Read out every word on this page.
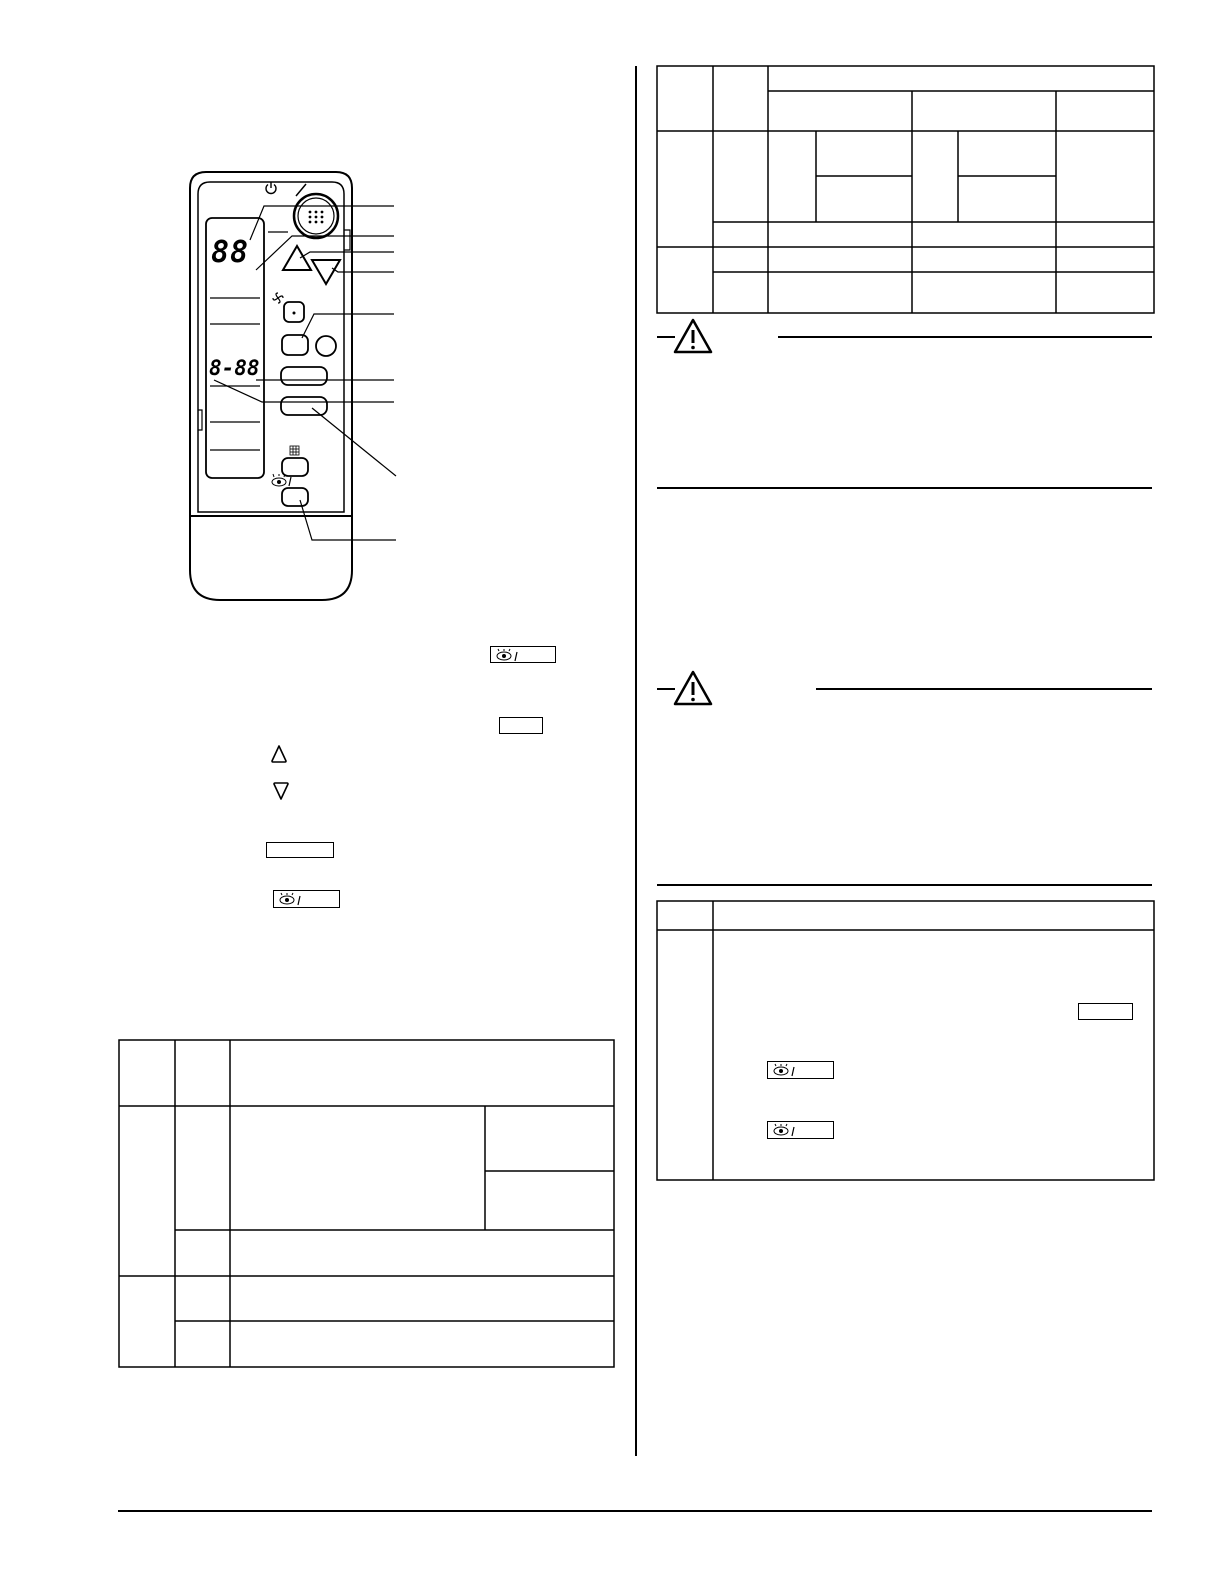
88
8-88
